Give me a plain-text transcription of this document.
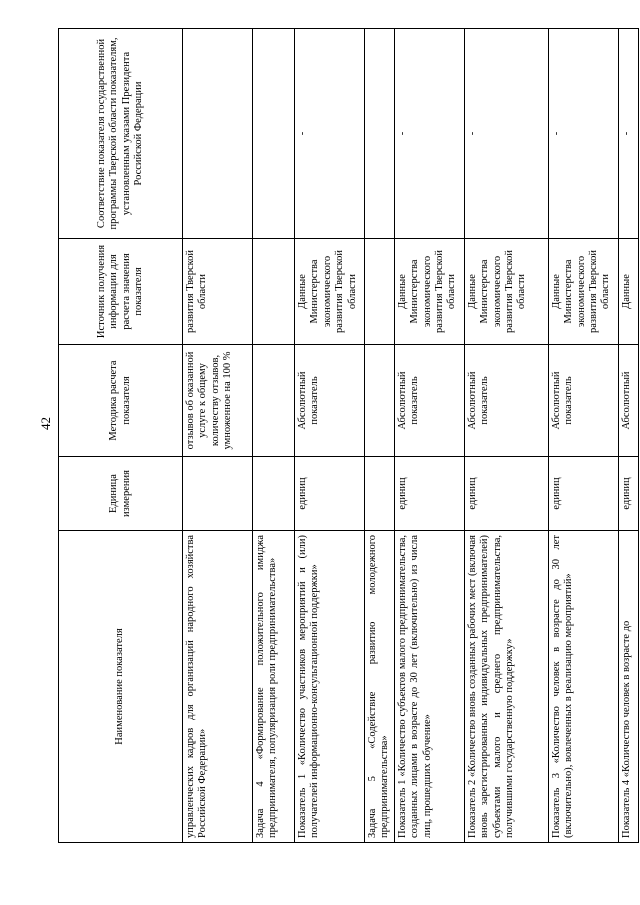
42
Наименование показателя	Единица измерения	Методика расчета показателя	Источник получения информации для расчета значения показателя	Соответствие показателя государственной программы Тверской области показателям, установленным указами Президента Российской Федерации
управленческих кадров для организаций народного хозяйства Российской Федерации»		отзывов об оказанной услуге к общему количеству отзывов, умноженное на 100 %	развития Тверской области	
Задача 4 «Формирование положительного имиджа предпринимателя, популяризация роли предпринимательства»				
Показатель 1 «Количество участников мероприятий и (или) получателей информационно-консультационной поддержки»	единиц	Абсолютный показатель	Данные Министерства экономического развития Тверской области	-
Задача 5 «Содействие развитию молодежного предпринимательства»				
Показатель 1 «Количество субъектов малого предпринимательства, созданных лицами в возрасте до 30 лет (включительно) из числа лиц, прошедших обучение»	единиц	Абсолютный показатель	Данные Министерства экономического развития Тверской области	-
Показатель 2 «Количество вновь созданных рабочих мест (включая вновь зарегистрированных индивидуальных предпринимателей) субъектами малого и среднего предпринимательства, получившими государственную поддержку»	единиц	Абсолютный показатель	Данные Министерства экономического развития Тверской области	-
Показатель 3 «Количество человек в возрасте до 30 лет (включительно), вовлеченных в реализацию мероприятий»	единиц	Абсолютный показатель	Данные Министерства экономического развития Тверской области	-
Показатель 4 «Количество человек в возрасте до	единиц	Абсолютный	Данные	-
